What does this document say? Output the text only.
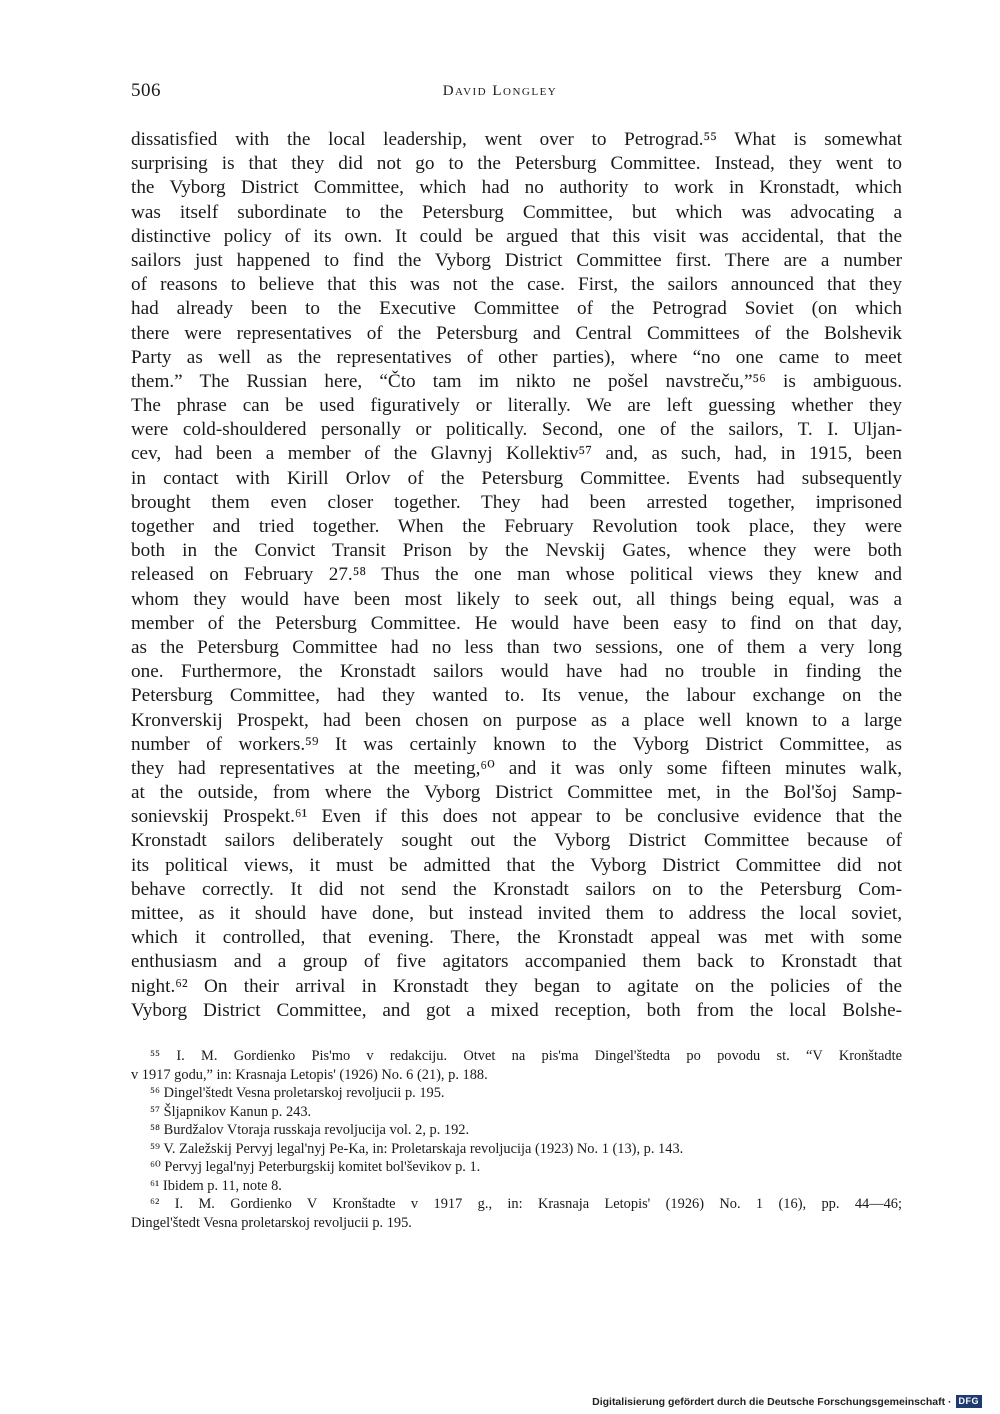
506	David Longley
dissatisfied with the local leadership, went over to Petrograd.⁵⁵ What is somewhat
surprising is that they did not go to the Petersburg Committee. Instead, they went to
the Vyborg District Committee, which had no authority to work in Kronstadt, which
was itself subordinate to the Petersburg Committee, but which was advocating a
distinctive policy of its own. It could be argued that this visit was accidental, that the
sailors just happened to find the Vyborg District Committee first. There are a number
of reasons to believe that this was not the case. First, the sailors announced that they
had already been to the Executive Committee of the Petrograd Soviet (on which
there were representatives of the Petersburg and Central Committees of the Bolshevik
Party as well as the representatives of other parties), where “no one came to meet
them.” The Russian here, “Čto tam im nikto ne pošel navstreču,”⁵⁶ is ambiguous.
The phrase can be used figuratively or literally. We are left guessing whether they
were cold-shouldered personally or politically. Second, one of the sailors, T. I. Uljan-
cev, had been a member of the Glavnyj Kollektiv⁵⁷ and, as such, had, in 1915, been
in contact with Kirill Orlov of the Petersburg Committee. Events had subsequently
brought them even closer together. They had been arrested together, imprisoned
together and tried together. When the February Revolution took place, they were
both in the Convict Transit Prison by the Nevskij Gates, whence they were both
released on February 27.⁵⁸ Thus the one man whose political views they knew and
whom they would have been most likely to seek out, all things being equal, was a
member of the Petersburg Committee. He would have been easy to find on that day,
as the Petersburg Committee had no less than two sessions, one of them a very long
one. Furthermore, the Kronstadt sailors would have had no trouble in finding the
Petersburg Committee, had they wanted to. Its venue, the labour exchange on the
Kronverskij Prospekt, had been chosen on purpose as a place well known to a large
number of workers.⁵⁹ It was certainly known to the Vyborg District Committee, as
they had representatives at the meeting,⁶⁰ and it was only some fifteen minutes walk,
at the outside, from where the Vyborg District Committee met, in the Bol'šoj Samp-
sonievskij Prospekt.⁶¹ Even if this does not appear to be conclusive evidence that the
Kronstadt sailors deliberately sought out the Vyborg District Committee because of
its political views, it must be admitted that the Vyborg District Committee did not
behave correctly. It did not send the Kronstadt sailors on to the Petersburg Com-
mittee, as it should have done, but instead invited them to address the local soviet,
which it controlled, that evening. There, the Kronstadt appeal was met with some
enthusiasm and a group of five agitators accompanied them back to Kronstadt that
night.⁶² On their arrival in Kronstadt they began to agitate on the policies of the
Vyborg District Committee, and got a mixed reception, both from the local Bolshe-
⁵⁵ I. M. Gordienko Pis'mo v redakciju. Otvet na pis'ma Dingel'štedta po povodu st. “V Kronštadte
v 1917 godu,” in: Krasnaja Letopis' (1926) No. 6 (21), p. 188.
⁵⁶ Dingel'štedt Vesna proletarskoj revoljucii p. 195.
⁵⁷ Šljapnikov Kanun p. 243.
⁵⁸ Burdžalov Vtoraja russkaja revoljucija vol. 2, p. 192.
⁵⁹ V. Zaležskij Pervyj legal'nyj Pe-Ka, in: Proletarskaja revoljucija (1923) No. 1 (13), p. 143.
⁶⁰ Pervyj legal'nyj Peterburgskij komitet bol'ševikov p. 1.
⁶¹ Ibidem p. 11, note 8.
⁶² I. M. Gordienko V Kronštadte v 1917 g., in: Krasnaja Letopis' (1926) No. 1 (16), pp. 44—46;
Dingel'štedt Vesna proletarskoj revoljucii p. 195.
Digitalisierung gefördert durch die Deutsche Forschungsgemeinschaft · DFG
